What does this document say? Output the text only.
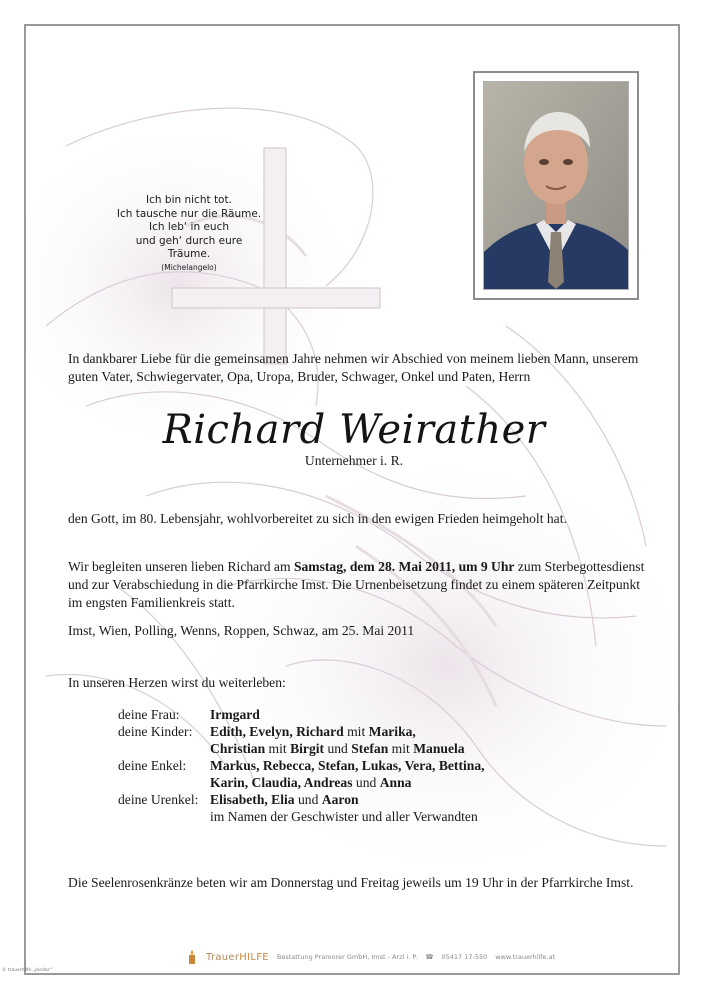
Ich bin nicht tot.
Ich tausche nur die Räume.
Ich leb‘ in euch
und geh‘ durch eure Träume.
(Michelangelo)
In dankbarer Liebe für die gemeinsamen Jahre nehmen wir Abschied von meinem lieben Mann, unserem guten Vater, Schwiegervater, Opa, Uropa, Bruder, Schwager, Onkel und Paten, Herrn
Richard Weirather
Unternehmer i. R.
den Gott, im 80. Lebensjahr, wohlvorbereitet zu sich in den ewigen Frieden heimgeholt hat.
Wir begleiten unseren lieben Richard am Samstag, dem 28. Mai 2011, um 9 Uhr zum Sterbegottesdienst und zur Verabschiedung in die Pfarrkirche Imst. Die Urnenbeisetzung findet zu einem späteren Zeitpunkt im engsten Familienkreis statt.
Imst, Wien, Polling, Wenns, Roppen, Schwaz, am 25. Mai 2011
In unseren Herzen wirst du weiterleben:
deine Frau:	Irmgard
deine Kinder:	Edith, Evelyn, Richard mit Marika,
Christian mit Birgit und Stefan mit Manuela
deine Enkel:	Markus, Rebecca, Stefan, Lukas, Vera, Bettina,
Karin, Claudia, Andreas und Anna
deine Urenkel: Elisabeth, Elia und Aaron
im Namen der Geschwister und aller Verwandten
Die Seelenrosenkränze beten wir am Donnerstag und Freitag jeweils um 19 Uhr in der Pfarrkirche Imst.
TrauerHILFE Bestattung Pramorer GmbH, Imst - Arzl i. P. ☎ 05417 17-550 www.trauerhilfe.at
© trauerhilfe „Jondar“
